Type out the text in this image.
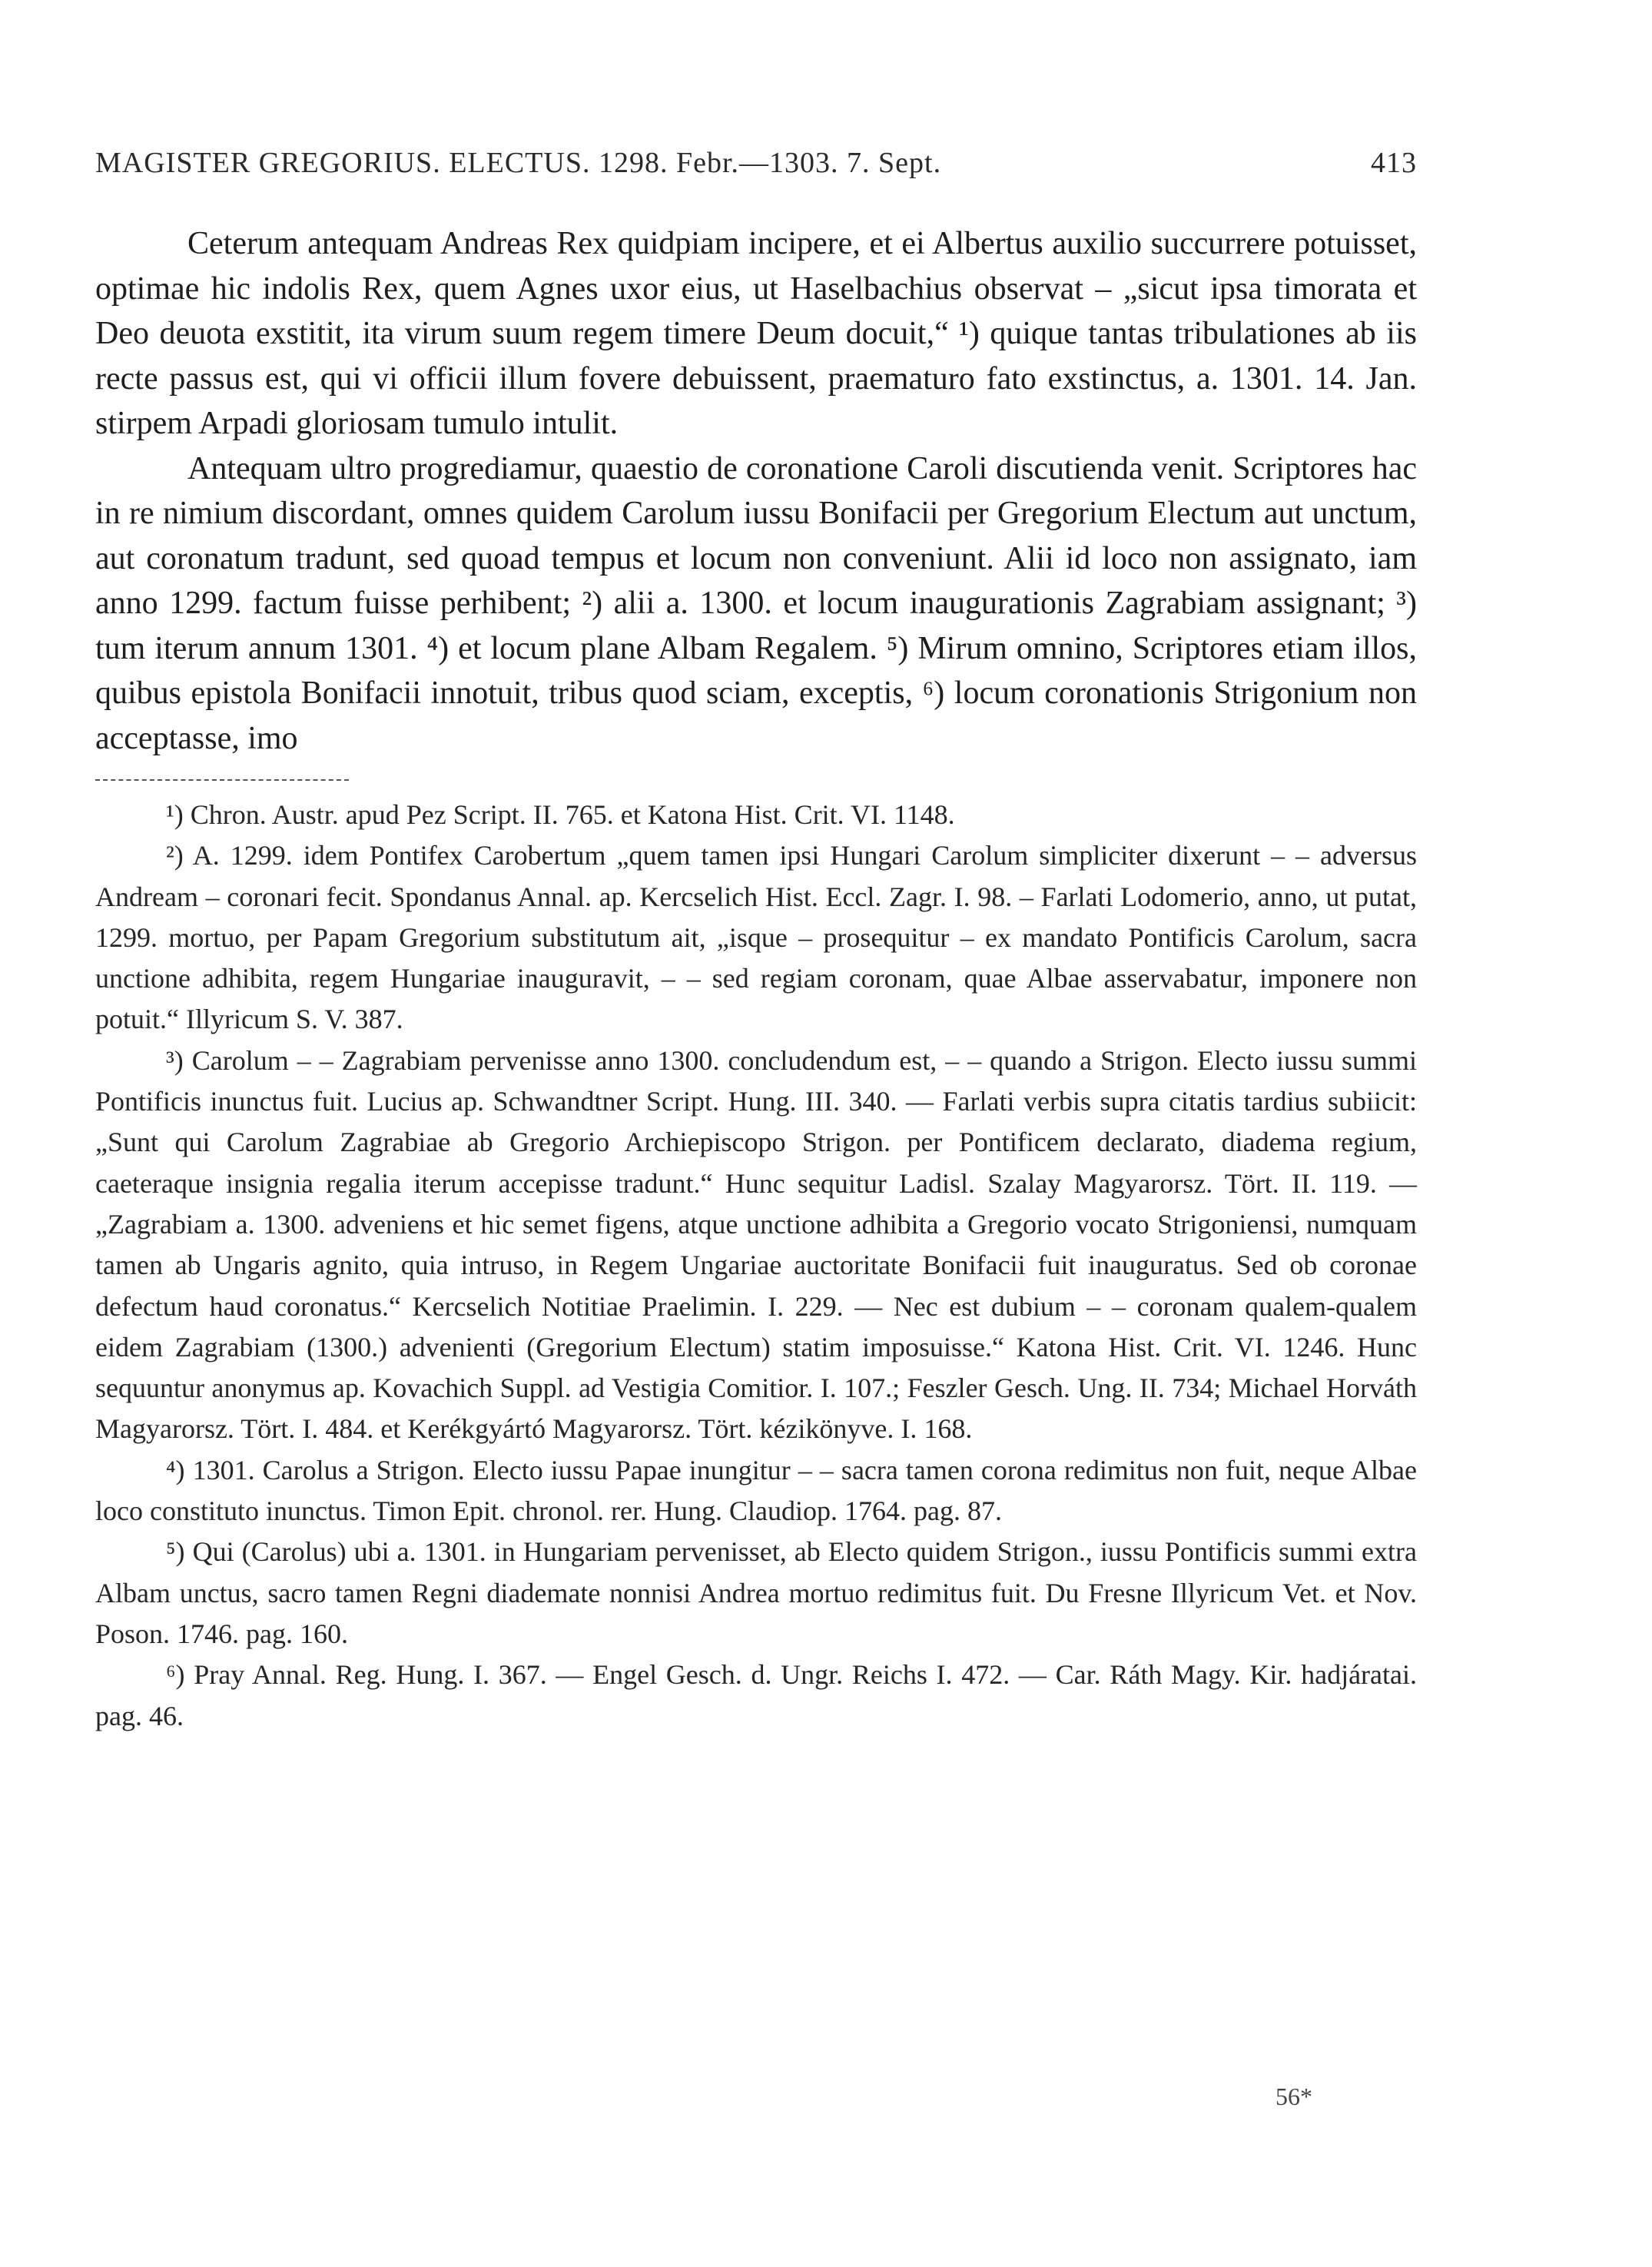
MAGISTER GREGORIUS. ELECTUS. 1298. Febr.—1303. 7. Sept.	413

Ceterum antequam Andreas Rex quidpiam incipere, et ei Albertus auxilio succurrere potuisset, optimae hic indolis Rex, quem Agnes uxor eius, ut Haselbachius observat – „sicut ipsa timorata et Deo deuota exstitit, ita virum suum regem timere Deum docuit,“ ¹) quique tantas tribulationes ab iis recte passus est, qui vi officii illum fovere debuissent, praematuro fato exstinctus, a. 1301. 14. Jan. stirpem Arpadi gloriosam tumulo intulit.

Antequam ultro progrediamur, quaestio de coronatione Caroli discutienda venit. Scriptores hac in re nimium discordant, omnes quidem Carolum iussu Bonifacii per Gregorium Electum aut unctum, aut coronatum tradunt, sed quoad tempus et locum non conveniunt. Alii id loco non assignato, iam anno 1299. factum fuisse perhibent; ²) alii a. 1300. et locum inaugurationis Zagrabiam assignant; ³) tum iterum annum 1301. ⁴) et locum plane Albam Regalem. ⁵) Mirum omnino, Scriptores etiam illos, quibus epistola Bonifacii innotuit, tribus quod sciam, exceptis, ⁶) locum coronationis Strigonium non acceptasse, imo

¹) Chron. Austr. apud Pez Script. II. 765. et Katona Hist. Crit. VI. 1148.

²) A. 1299. idem Pontifex Carobertum „quem tamen ipsi Hungari Carolum simpliciter dixerunt – – adversus Andream – coronari fecit. Spondanus Annal. ap. Kercselich Hist. Eccl. Zagr. I. 98. – Farlati Lodomerio, anno, ut putat, 1299. mortuo, per Papam Gregorium substitutum ait, „isque – prosequitur – ex mandato Pontificis Carolum, sacra unctione adhibita, regem Hungariae inauguravit, – – sed regiam coronam, quae Albae asservabatur, imponere non potuit.“ Illyricum S. V. 387.

³) Carolum – – Zagrabiam pervenisse anno 1300. concludendum est, – – quando a Strigon. Electo iussu summi Pontificis inunctus fuit. Lucius ap. Schwandtner Script. Hung. III. 340. — Farlati verbis supra citatis tardius subiicit: „Sunt qui Carolum Zagrabiae ab Gregorio Archiepiscopo Strigon. per Pontificem declarato, diadema regium, caeteraque insignia regalia iterum accepisse tradunt.“ Hunc sequitur Ladisl. Szalay Magyarorsz. Tört. II. 119. — „Zagrabiam a. 1300. adveniens et hic semet figens, atque unctione adhibita a Gregorio vocato Strigoniensi, numquam tamen ab Ungaris agnito, quia intruso, in Regem Ungariae auctoritate Bonifacii fuit inauguratus. Sed ob coronae defectum haud coronatus.“ Kercselich Notitiae Praelimin. I. 229. — Nec est dubium – – coronam qualem-qualem eidem Zagrabiam (1300.) advenienti (Gregorium Electum) statim imposuisse.“ Katona Hist. Crit. VI. 1246. Hunc sequuntur anonymus ap. Kovachich Suppl. ad Vestigia Comitior. I. 107.; Feszler Gesch. Ung. II. 734; Michael Horváth Magyarorsz. Tört. I. 484. et Kerékgyártó Magyarorsz. Tört. kézikönyve. I. 168.

⁴) 1301. Carolus a Strigon. Electo iussu Papae inungitur – – sacra tamen corona redimitus non fuit, neque Albae loco constituto inunctus. Timon Epit. chronol. rer. Hung. Claudiop. 1764. pag. 87.

⁵) Qui (Carolus) ubi a. 1301. in Hungariam pervenisset, ab Electo quidem Strigon., iussu Pontificis summi extra Albam unctus, sacro tamen Regni diademate nonnisi Andrea mortuo redimitus fuit. Du Fresne Illyricum Vet. et Nov. Poson. 1746. pag. 160.

⁶) Pray Annal. Reg. Hung. I. 367. — Engel Gesch. d. Ungr. Reichs I. 472. — Car. Ráth Magy. Kir. hadjáratai. pag. 46.

56*
